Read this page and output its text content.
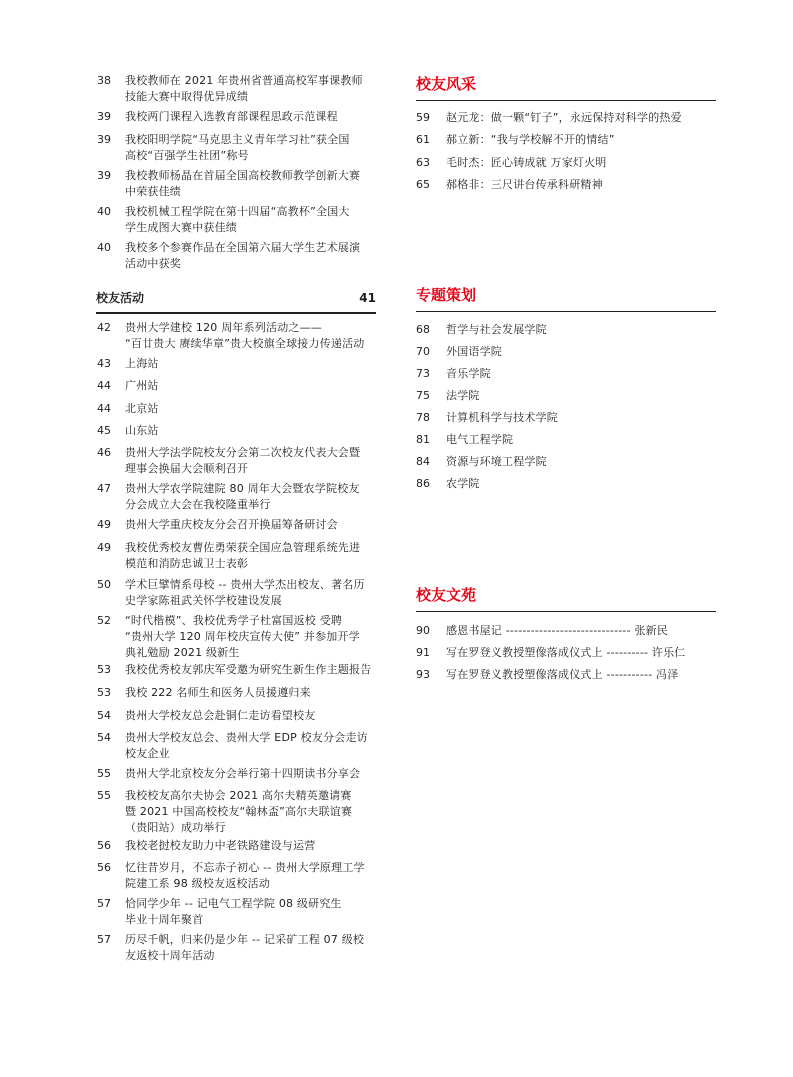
38	我校教师在 2021 年贵州省普通高校军事课教师
技能大赛中取得优异成绩
39	我校两门课程入选教育部课程思政示范课程
39	我校阳明学院“马克思主义青年学习社”获全国
高校“百强学生社团”称号
39	我校教师杨晶在首届全国高校教师教学创新大赛
中荣获佳绩
40	我校机械工程学院在第十四届“高教杯”全国大
学生成图大赛中获佳绩
40	我校多个参赛作品在全国第六届大学生艺术展演
活动中获奖
校友活动	41
42	贵州大学建校 120 周年系列活动之——
“百廿贵大 赓续华章”贵大校旗全球接力传递活动
43	上海站
44	广州站
44	北京站
45	山东站
46	贵州大学法学院校友分会第二次校友代表大会暨
理事会换届大会顺利召开
47	贵州大学农学院建院 80 周年大会暨农学院校友
分会成立大会在我校隆重举行
49	贵州大学重庆校友分会召开换届筹备研讨会
49	我校优秀校友曹佐勇荣获全国应急管理系统先进
模范和消防忠诚卫士表彰
50	学术巨擘情系母校 -- 贵州大学杰出校友、著名历
史学家陈祖武关怀学校建设发展
52	“时代楷模”、我校优秀学子杜富国返校 受聘
“贵州大学 120 周年校庆宣传大使” 并参加开学
典礼勉励 2021 级新生
53	我校优秀校友郭庆军受邀为研究生新生作主题报告
53	我校 222 名师生和医务人员援遵归来
54	贵州大学校友总会赴铜仁走访看望校友
54	贵州大学校友总会、贵州大学 EDP 校友分会走访
校友企业
55	贵州大学北京校友分会举行第十四期读书分享会
55	我校校友高尔夫协会 2021 高尔夫精英邀请赛
暨 2021 中国高校校友“翰林盃”高尔夫联谊赛
（贵阳站）成功举行
56	我校老挝校友助力中老铁路建设与运营
56	忆往昔岁月，不忘赤子初心 -- 贵州大学原理工学
院建工系 98 级校友返校活动
57	恰同学少年 -- 记电气工程学院 08 级研究生
毕业十周年聚首
57	历尽千帆，归来仍是少年 -- 记采矿工程 07 级校
友返校十周年活动
校友风采
59	赵元龙：做一颗“钉子”，永远保持对科学的热爱
61	郝立新：“我与学校解不开的情结”
63	毛时杰：匠心铸成就 万家灯火明
65	郝格非：三尺讲台传承科研精神
专题策划
68	哲学与社会发展学院
70	外国语学院
73	音乐学院
75	法学院
78	计算机科学与技术学院
81	电气工程学院
84	资源与环境工程学院
86	农学院
校友文苑
90	感恩书屋记 ------------------------------ 张新民
91	写在罗登义教授塑像落成仪式上 ---------- 许乐仁
93	写在罗登义教授塑像落成仪式上 ----------- 冯泽
